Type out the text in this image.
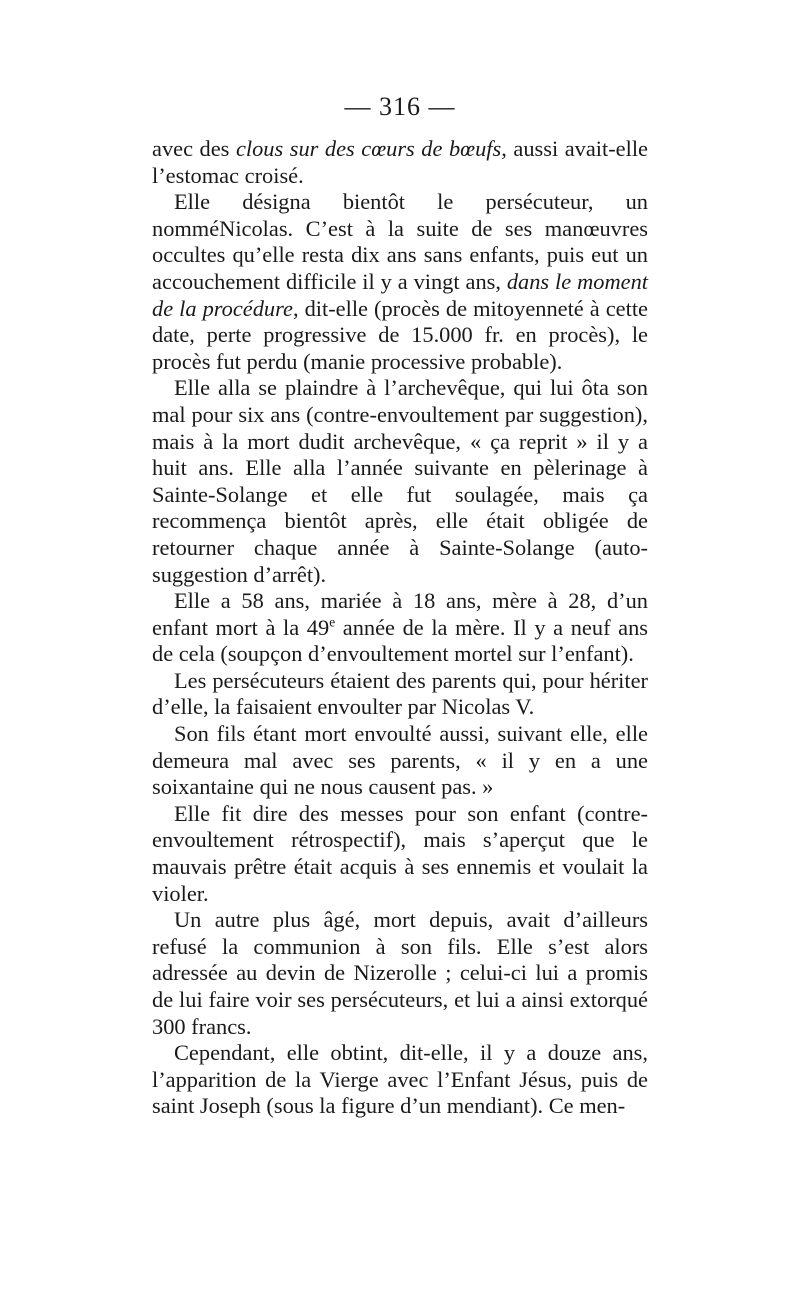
— 316 —

avec des clous sur des cœurs de bœufs, aussi avait-elle l’estomac croisé.

Elle désigna bientôt le persécuteur, un nomméNicolas. C’est à la suite de ses manœuvres occultes qu’elle resta dix ans sans enfants, puis eut un accouchement difficile il y a vingt ans, dans le moment de la procédure, dit-elle (procès de mitoyenneté à cette date, perte progressive de 15.000 fr. en procès), le procès fut perdu (manie processive probable).

Elle alla se plaindre à l’archevêque, qui lui ôta son mal pour six ans (contre-envoultement par suggestion), mais à la mort dudit archevêque, « ça reprit » il y a huit ans. Elle alla l’année suivante en pèlerinage à Sainte-Solange et elle fut soulagée, mais ça recommença bientôt après, elle était obligée de retourner chaque année à Sainte-Solange (auto-suggestion d’arrêt).

Elle a 58 ans, mariée à 18 ans, mère à 28, d’un enfant mort à la 49e année de la mère. Il y a neuf ans de cela (soupçon d’envoultement mortel sur l’enfant).

Les persécuteurs étaient des parents qui, pour hériter d’elle, la faisaient envoulter par Nicolas V.

Son fils étant mort envoulté aussi, suivant elle, elle demeura mal avec ses parents, « il y en a une soixantaine qui ne nous causent pas. »

Elle fit dire des messes pour son enfant (contre-envoultement rétrospectif), mais s’aperçut que le mauvais prêtre était acquis à ses ennemis et voulait la violer.

Un autre plus âgé, mort depuis, avait d’ailleurs refusé la communion à son fils. Elle s’est alors adressée au devin de Nizerolle ; celui-ci lui a promis de lui faire voir ses persécuteurs, et lui a ainsi extorqué 300 francs.

Cependant, elle obtint, dit-elle, il y a douze ans, l’apparition de la Vierge avec l’Enfant Jésus, puis de saint Joseph (sous la figure d’un mendiant). Ce men-
